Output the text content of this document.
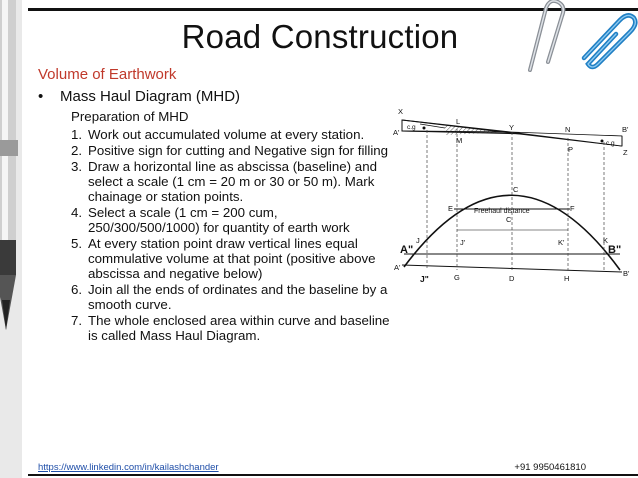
Road Construction
Volume of Earthwork
• Mass Haul Diagram (MHD)
Preparation of MHD
1. Work out accumulated volume at every station.
2. Positive sign for cutting and Negative sign for filling
3. Draw a horizontal line as abscissa (baseline) and select a scale (1 cm = 20 m or 30 or 50 m). Mark chainage or station points.
4. Select a scale (1 cm = 200 cum, 250/300/500/1000) for quantity of earth work
5. At every station point draw vertical lines equal commulative volume at that point (positive above abscissa and negative below)
6. Join all the ends of ordinates and the baseline by a smooth curve.
7. The whole enclosed area within curve and baseline is called Mass Haul Diagram.
X
A'
c.g
L
M
Y	N	B'
P
c.g
Z
C
E	Freehaul distance	F
C
J'
J	K'	K
A"	B"
A'
J"	G	D	H
B'
https://www.linkedin.com/in/kailashchander	+91 9950461810
